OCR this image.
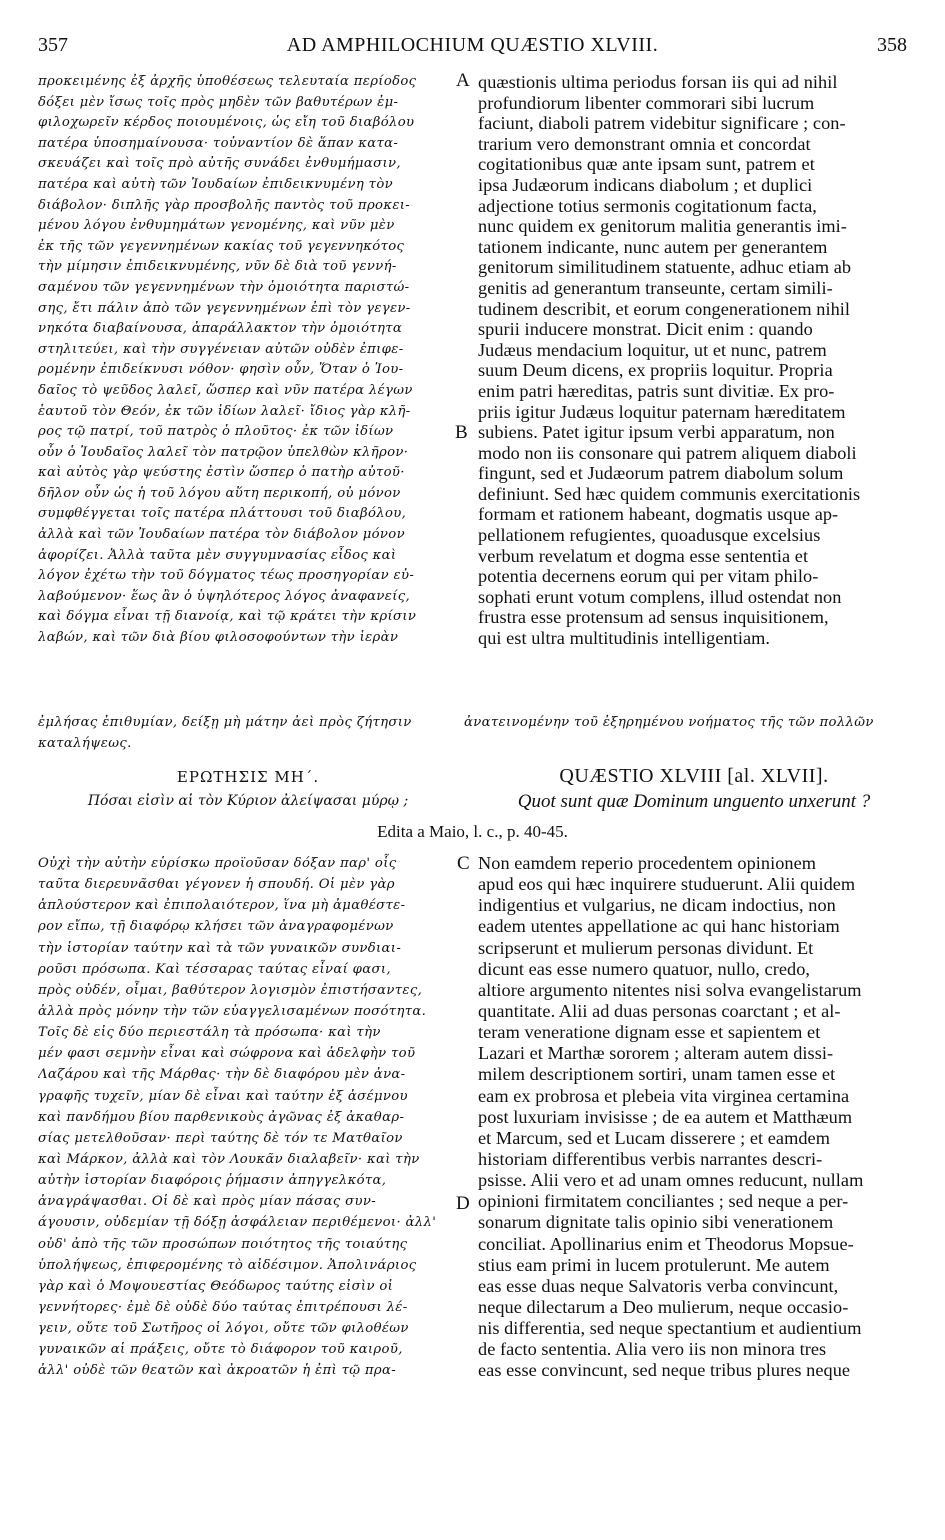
357	AD AMPHILOCHIUM QUÆSTIO XLVIII.	358
προκειμένης ἐξ ἀρχῆς ὑποθέσεως τελευταία περίοδος
δόξει μὲν ἴσως τοῖς πρὸς μηδὲν τῶν βαθυτέρων ἐμ-
φιλοχωρεῖν κέρδος ποιουμένοις, ὡς εἴη τοῦ διαβόλου
πατέρα ὑποσημαίνουσα· τοὐναντίον δὲ ἅπαν κατα-
σκευάζει καὶ τοῖς πρὸ αὐτῆς συνάδει ἐνθυμήμασιν,
πατέρα καὶ αὐτὴ τῶν Ἰουδαίων ἐπιδεικνυμένη τὸν
διάβολον· διπλῆς γὰρ προσβολῆς παντὸς τοῦ προκει-
μένου λόγου ἐνθυμημάτων γενομένης, καὶ νῦν μὲν
ἐκ τῆς τῶν γεγεννημένων κακίας τοῦ γεγεννηκότος
τὴν μίμησιν ἐπιδεικνυμένης, νῦν δὲ διὰ τοῦ γεννή-
σαμένου τῶν γεγεννημένων τὴν ὁμοιότητα παριστώ-
σης, ἔτι πάλιν ἀπὸ τῶν γεγεννημένων ἐπὶ τὸν γεγεν-
νηκότα διαβαίνουσα, ἀπαράλλακτον τὴν ὁμοιότητα
στηλιτεύει, καὶ τὴν συγγένειαν αὐτῶν οὐδὲν ἐπιφε-
ρομένην ἐπιδείκνυσι νόθον· φησὶν οὖν, Ὅταν ὁ Ἰου-
δαῖος τὸ ψεῦδος λαλεῖ, ὥσπερ καὶ νῦν πατέρα λέγων
ἑαυτοῦ τὸν Θεόν, ἐκ τῶν ἰδίων λαλεῖ· ἴδιος γὰρ κλῆ-
ρος τῷ πατρί, τοῦ πατρὸς ὁ πλοῦτος· ἐκ τῶν ἰδίων
οὖν ὁ Ἰουδαῖος λαλεῖ τὸν πατρῷον ὑπελθὼν κλῆρον·
καὶ αὐτὸς γὰρ ψεύστης ἐστὶν ὥσπερ ὁ πατὴρ αὐτοῦ·
δῆλον οὖν ὡς ἡ τοῦ λόγου αὕτη περικοπή, οὐ μόνον
συμφθέγγεται τοῖς πατέρα πλάττουσι τοῦ διαβόλου,
ἀλλὰ καὶ τῶν Ἰουδαίων πατέρα τὸν διάβολον μόνον
ἀφορίζει. Ἀλλὰ ταῦτα μὲν συγγυμνασίας εἶδος καὶ
λόγον ἐχέτω τὴν τοῦ δόγματος τέως προσηγορίαν εὐ-
λαβούμενον· ἕως ἂν ὁ ὑψηλότερος λόγος ἀναφανείς,
καὶ δόγμα εἶναι τῇ διανοίᾳ, καὶ τῷ κράτει τὴν κρίσιν
λαβών, καὶ τῶν διὰ βίου φιλοσοφούντων τὴν ἱερὰν
quæstionis ultima periodus forsan iis qui ad nihil
profundiorum libenter commorari sibi lucrum
faciunt, diaboli patrem videbitur significare ; con-
trarium vero demonstrant omnia et concordat
cogitationibus quæ ante ipsam sunt, patrem et
ipsa Judæorum indicans diabolum ; et duplici
adjectione totius sermonis cogitationum facta,
nunc quidem ex genitorum malitia generantis imi-
tationem indicante, nunc autem per generantem
genitorum similitudinem statuente, adhuc etiam ab
genitis ad generantum transeunte, certam simili-
tudinem describit, et eorum congenerationem nihil
spurii inducere monstrat. Dicit enim : quando
Judæus mendacium loquitur, ut et nunc, patrem
suum Deum dicens, ex propriis loquitur. Propria
enim patri hæreditas, patris sunt divitiæ. Ex pro-
priis igitur Judæus loquitur paternam hæreditatem
subiens. Patet igitur ipsum verbi apparatum, non
modo non iis consonare qui patrem aliquem diaboli
fingunt, sed et Judæorum patrem diabolum solum
definiunt. Sed hæc quidem communis exercitationis
formam et rationem habeant, dogmatis usque ap-
pellationem refugientes, quoadusque excelsius
verbum revelatum et dogma esse sententia et
potentia decernens eorum qui per vitam philo-
sophati erunt votum complens, illud ostendat non
frustra esse protensum ad sensus inquisitionem,
qui est ultra multitudinis intelligentiam.
A
B
ἐμλήσας ἐπιθυμίαν, δείξῃ μὴ μάτην ἀεὶ πρὸς ζήτησιν	ἀνατεινομένην τοῦ ἐξηρημένου νοήματος τῆς τῶν πολλῶν
καταλήψεως.
ΕΡΩΤΗΣΙΣ ΜΗ΄.
Πόσαι εἰσὶν αἱ τὸν Κύριον ἀλείψασαι μύρῳ ;
QUÆSTIO XLVIII [al. XLVII].
Quot sunt quæ Dominum unguento unxerunt ?
Edita a Maio, l. c., p. 40-45.
Οὐχὶ τὴν αὐτὴν εὑρίσκω προϊοῦσαν δόξαν παρ' οἷς
ταῦτα διερευνᾶσθαι γέγονεν ἡ σπουδή. Οἱ μὲν γὰρ
ἁπλούστερον καὶ ἐπιπολαιότερον, ἵνα μὴ ἀμαθέστε-
ρον εἴπω, τῇ διαφόρῳ κλήσει τῶν ἀναγραφομένων
τὴν ἱστορίαν ταύτην καὶ τὰ τῶν γυναικῶν συνδιαι-
ροῦσι πρόσωπα. Καὶ τέσσαρας ταύτας εἶναί φασι,
πρὸς οὐδέν, οἶμαι, βαθύτερον λογισμὸν ἐπιστήσαντες,
ἀλλὰ πρὸς μόνην τὴν τῶν εὐαγγελισαμένων ποσότητα.
Τοῖς δὲ εἰς δύο περιεστάλη τὰ πρόσωπα· καὶ τὴν
μέν φασι σεμνὴν εἶναι καὶ σώφρονα καὶ ἀδελφὴν τοῦ
Λαζάρου καὶ τῆς Μάρθας· τὴν δὲ διαφόρου μὲν ἀνα-
γραφῆς τυχεῖν, μίαν δὲ εἶναι καὶ ταύτην ἐξ ἀσέμνου
καὶ πανδήμου βίου παρθενικοὺς ἀγῶνας ἐξ ἀκαθαρ-
σίας μετελθοῦσαν· περὶ ταύτης δὲ τόν τε Ματθαῖον
καὶ Μάρκον, ἀλλὰ καὶ τὸν Λουκᾶν διαλαβεῖν· καὶ τὴν
αὐτὴν ἱστορίαν διαφόροις ῥήμασιν ἀπηγγελκότα,
ἀναγράψασθαι. Οἱ δὲ καὶ πρὸς μίαν πάσας συν-
άγουσιν, οὐδεμίαν τῇ δόξῃ ἀσφάλειαν περιθέμενοι· ἀλλ'
οὐδ' ἀπὸ τῆς τῶν προσώπων ποιότητος τῆς τοιαύτης
ὑπολήψεως, ἐπιφερομένης τὸ αἰδέσιμον. Ἀπολινάριος
γὰρ καὶ ὁ Μοψουεστίας Θεόδωρος ταύτης εἰσὶν οἱ
γεννήτορες· ἐμὲ δὲ οὐδὲ δύο ταύτας ἐπιτρέπουσι λέ-
γειν, οὔτε τοῦ Σωτῆρος οἱ λόγοι, οὔτε τῶν φιλοθέων
γυναικῶν αἱ πράξεις, οὔτε τὸ διάφορον τοῦ καιροῦ,
ἀλλ' οὐδὲ τῶν θεατῶν καὶ ἀκροατῶν ἡ ἐπὶ τῷ πρα-
Non eamdem reperio procedentem opinionem
apud eos qui hæc inquirere studuerunt. Alii quidem
indigentius et vulgarius, ne dicam indoctius, non
eadem utentes appellatione ac qui hanc historiam
scripserunt et mulierum personas dividunt. Et
dicunt eas esse numero quatuor, nullo, credo,
altiore argumento nitentes nisi solva evangelistarum
quantitate. Alii ad duas personas coarctant ; et al-
teram veneratione dignam esse et sapientem et
Lazari et Marthæ sororem ; alteram autem dissi-
milem descriptionem sortiri, unam tamen esse et
eam ex probrosa et plebeia vita virginea certamina
post luxuriam invisisse ; de ea autem et Matthæum
et Marcum, sed et Lucam disserere ; et eamdem
historiam differentibus verbis narrantes descri-
psisse. Alii vero et ad unam omnes reducunt, nullam
opinioni firmitatem conciliantes ; sed neque a per-
sonarum dignitate talis opinio sibi venerationem
conciliat. Apollinarius enim et Theodorus Mopsue-
stius eam primi in lucem protulerunt. Me autem
eas esse duas neque Salvatoris verba convincunt,
neque dilectarum a Deo mulierum, neque occasio-
nis differentia, sed neque spectantium et audientium
de facto sententia. Alia vero iis non minora tres
eas esse convincunt, sed neque tribus plures neque
C
D
